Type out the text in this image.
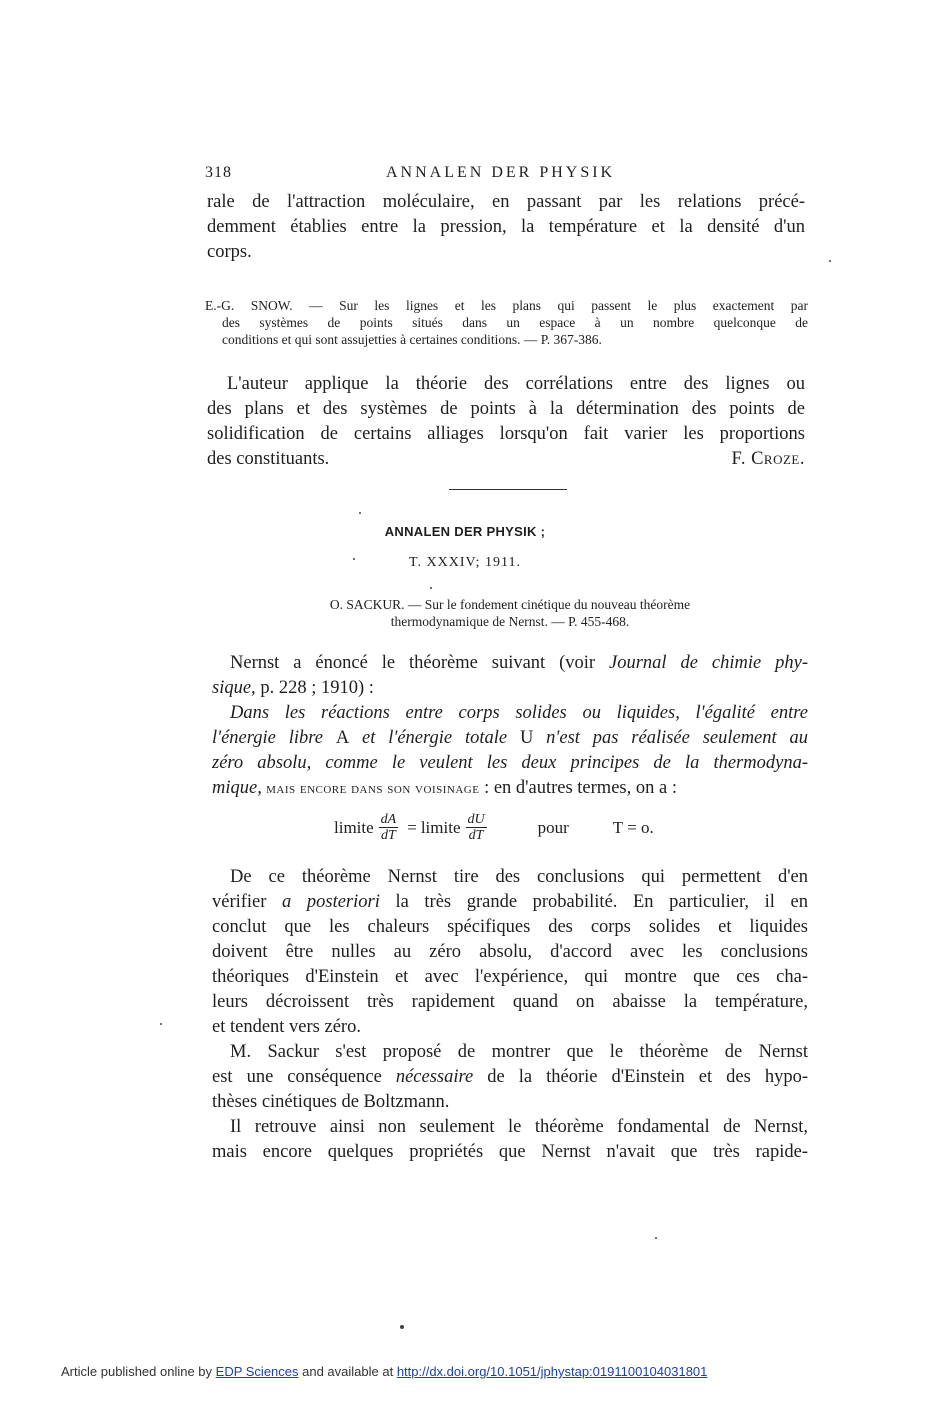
318	ANNALEN DER PHYSIK
rale de l'attraction moléculaire, en passant par les relations précé-
demment établies entre la pression, la température et la densité d'un
corps.
E.-G. SNOW. — Sur les lignes et les plans qui passent le plus exactement par
des systèmes de points situés dans un espace à un nombre quelconque de
conditions et qui sont assujetties à certaines conditions. — P. 367-386.
L'auteur applique la théorie des corrélations entre des lignes ou
des plans et des systèmes de points à la détermination des points de
solidification de certains alliages lorsqu'on fait varier les proportions
des constituants.	F. Croze.
ANNALEN DER PHYSIK ;
T. XXXIV; 1911.
O. SACKUR. — Sur le fondement cinétique du nouveau théorème
thermodynamique de Nernst. — P. 455-468.
Nernst a énoncé le théorème suivant (voir Journal de chimie phy-
sique, p. 228 ; 1910) :
Dans les réactions entre corps solides ou liquides, l'égalité entre
l'énergie libre A et l'énergie totale U n'est pas réalisée seulement au
zéro absolu, comme le veulent les deux principes de la thermodyna-
mique, mais encore dans son voisinage : en d'autres termes, on a :
limite $\frac{dA}{dT}$ = limite $\frac{dU}{dT}$	pour	T = o.
De ce théorème Nernst tire des conclusions qui permettent d'en
vérifier a posteriori la très grande probabilité. En particulier, il en
conclut que les chaleurs spécifiques des corps solides et liquides
doivent être nulles au zéro absolu, d'accord avec les conclusions
théoriques d'Einstein et avec l'expérience, qui montre que ces cha-
leurs décroissent très rapidement quand on abaisse la température,
et tendent vers zéro.
M. Sackur s'est proposé de montrer que le théorème de Nernst
est une conséquence nécessaire de la théorie d'Einstein et des hypo-
thèses cinétiques de Boltzmann.
Il retrouve ainsi non seulement le théorème fondamental de Nernst,
mais encore quelques propriétés que Nernst n'avait que très rapide-
Article published online by EDP Sciences and available at http://dx.doi.org/10.1051/jphystap:0191100104031801
